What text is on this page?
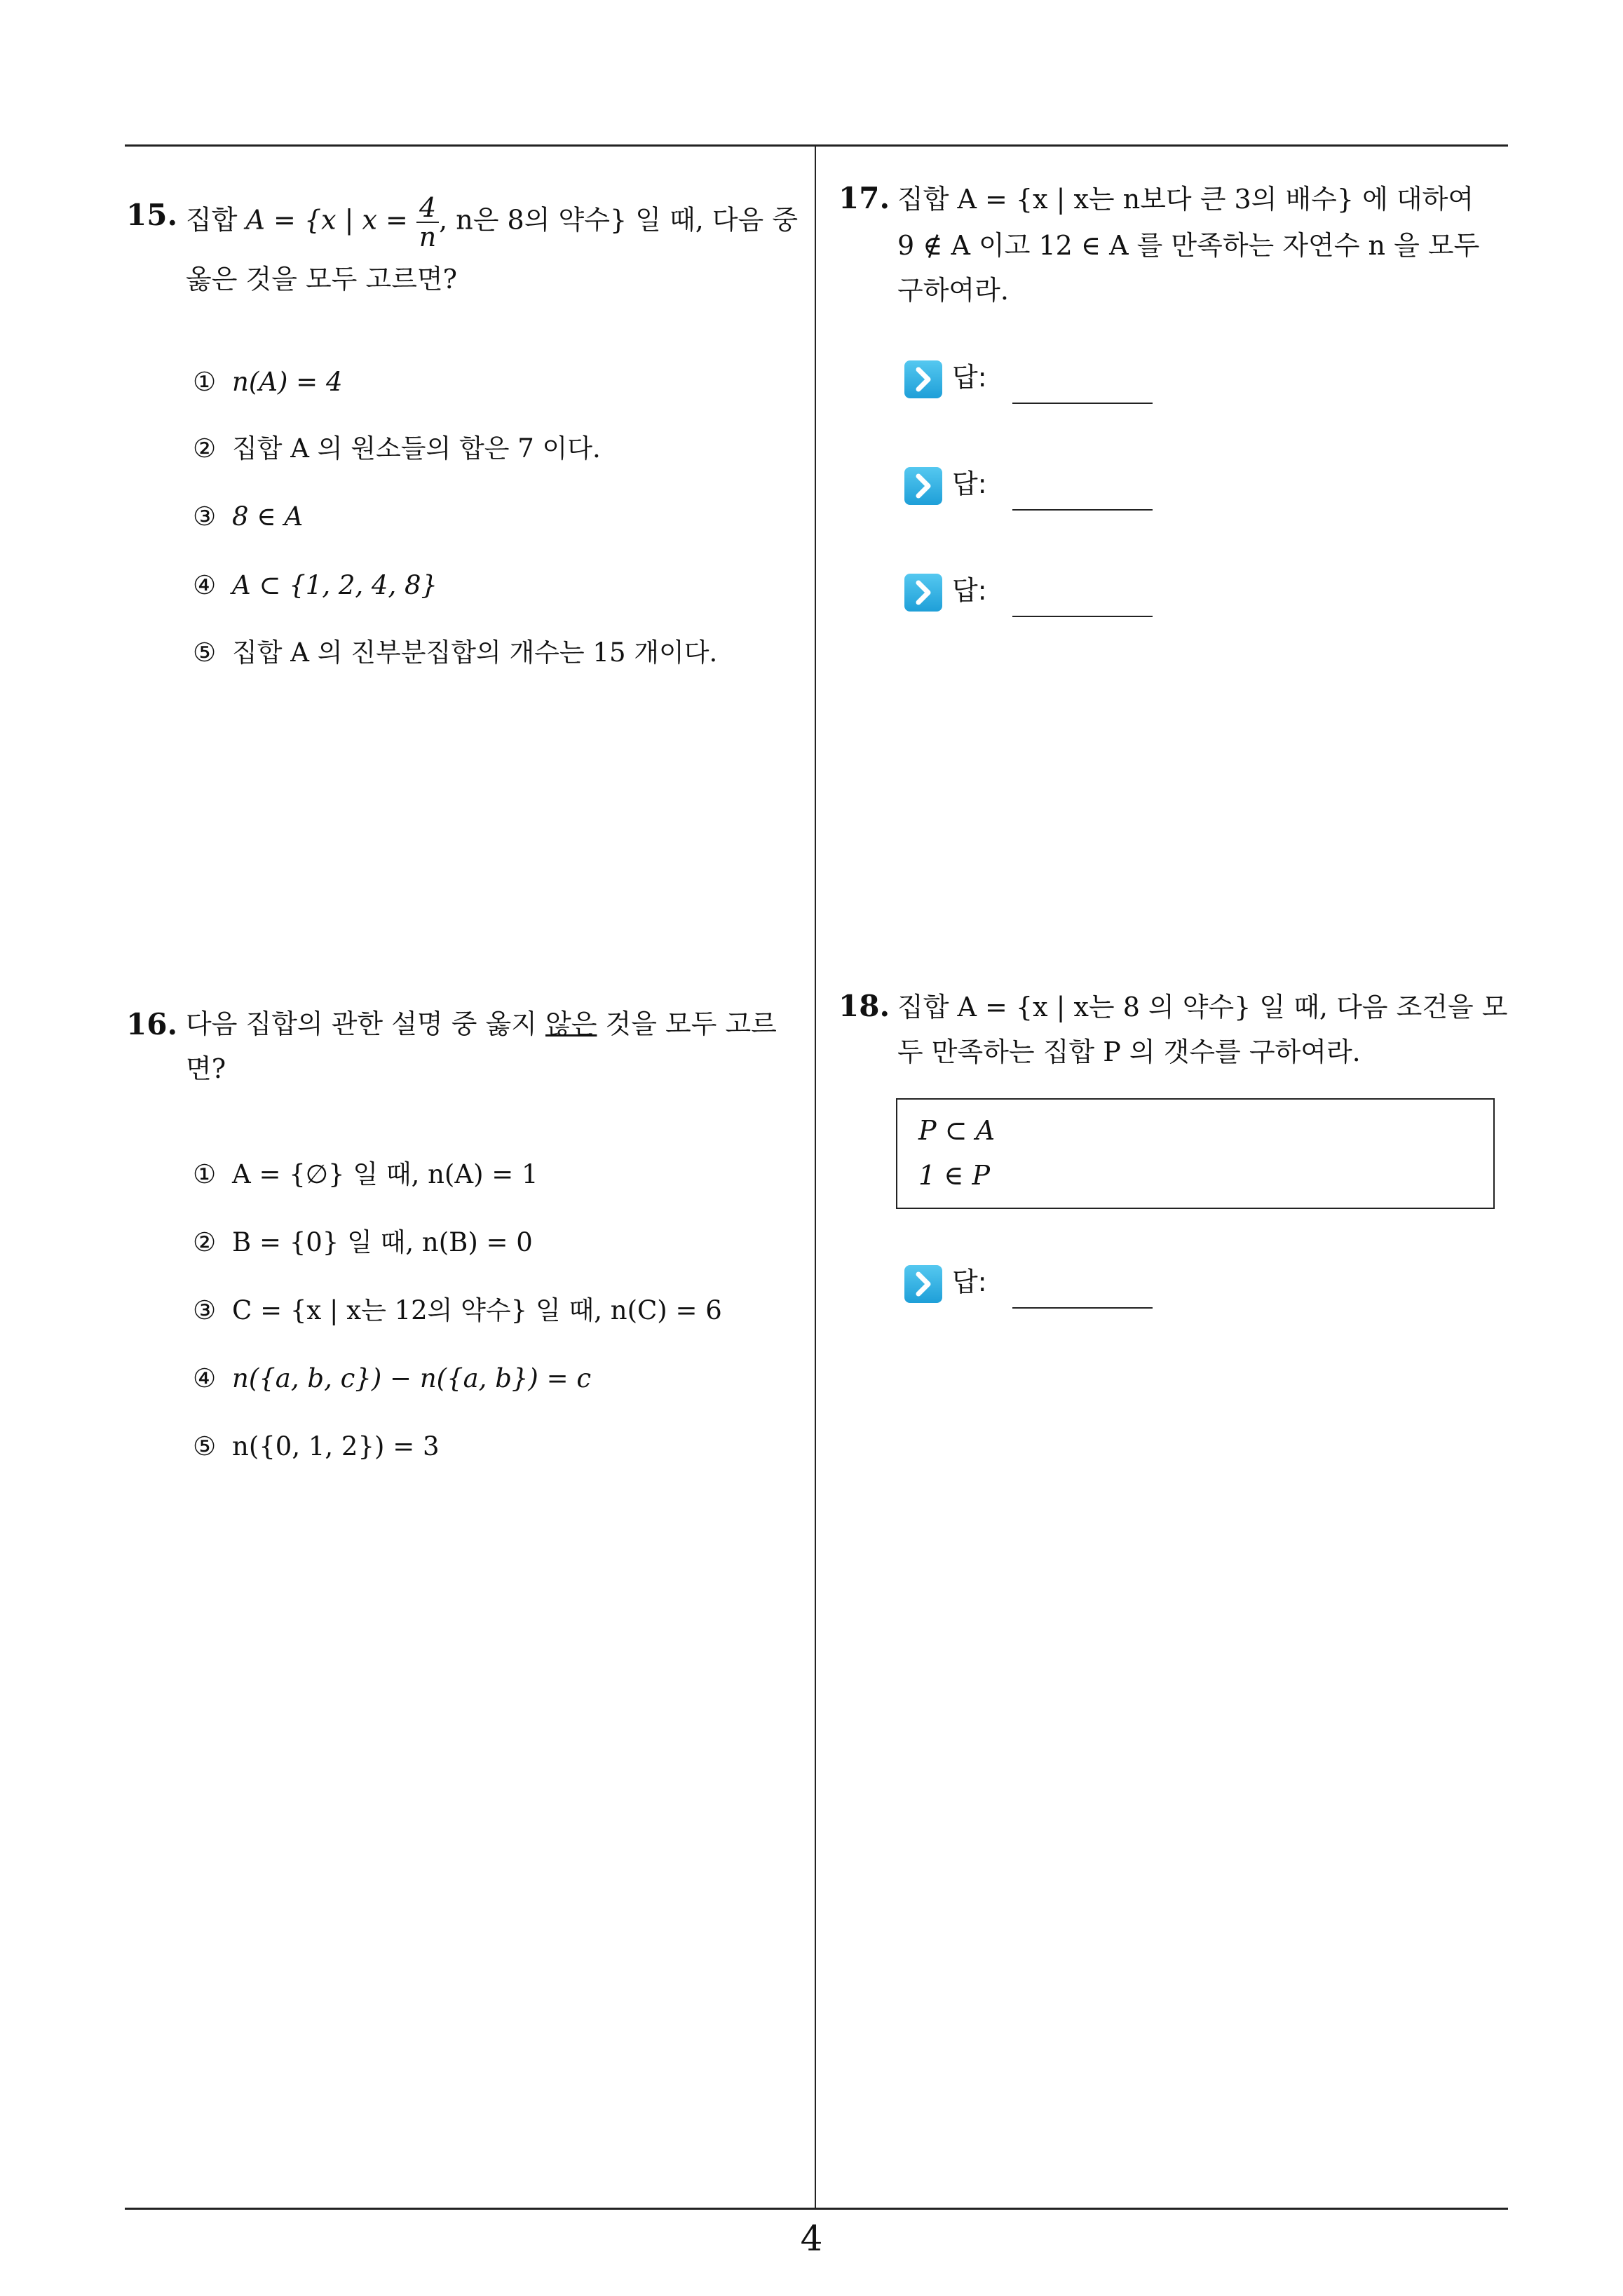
15. 집합 A = {x | $x = \frac{4}{n}$ , n은 8의 약수} 일 때, 다음 중
옳은 것을 모두 고르면?
① n(A) = 4
② 집합 A 의 원소들의 합은 7 이다.
③ 8 ∈ A
④ A ⊂ {1, 2, 4, 8}
⑤ 집합 A 의 진부분집합의 개수는 15 개이다.
16. 다음 집합의 관한 설명 중 옳지 않은 것을 모두 고르
면?
① A = {∅} 일 때, n(A) = 1
② B = {0} 일 때, n(B) = 0
③ C = {x | x는 12의 약수} 일 때, n(C) = 6
④ n({a, b, c}) − n({a, b}) = c
⑤ n({0, 1, 2}) = 3
17. 집합 A = {x | x는 n보다 큰 3의 배수} 에 대하여
9 ∉ A 이고 12 ∈ A 를 만족하는 자연수 n 을 모두
구하여라.
답:
답:
답:
18. 집합 A = {x | x는 8 의 약수} 일 때, 다음 조건을 모
두 만족하는 집합 P 의 갯수를 구하여라.
P ⊂ A
1 ∈ P
답:
4
